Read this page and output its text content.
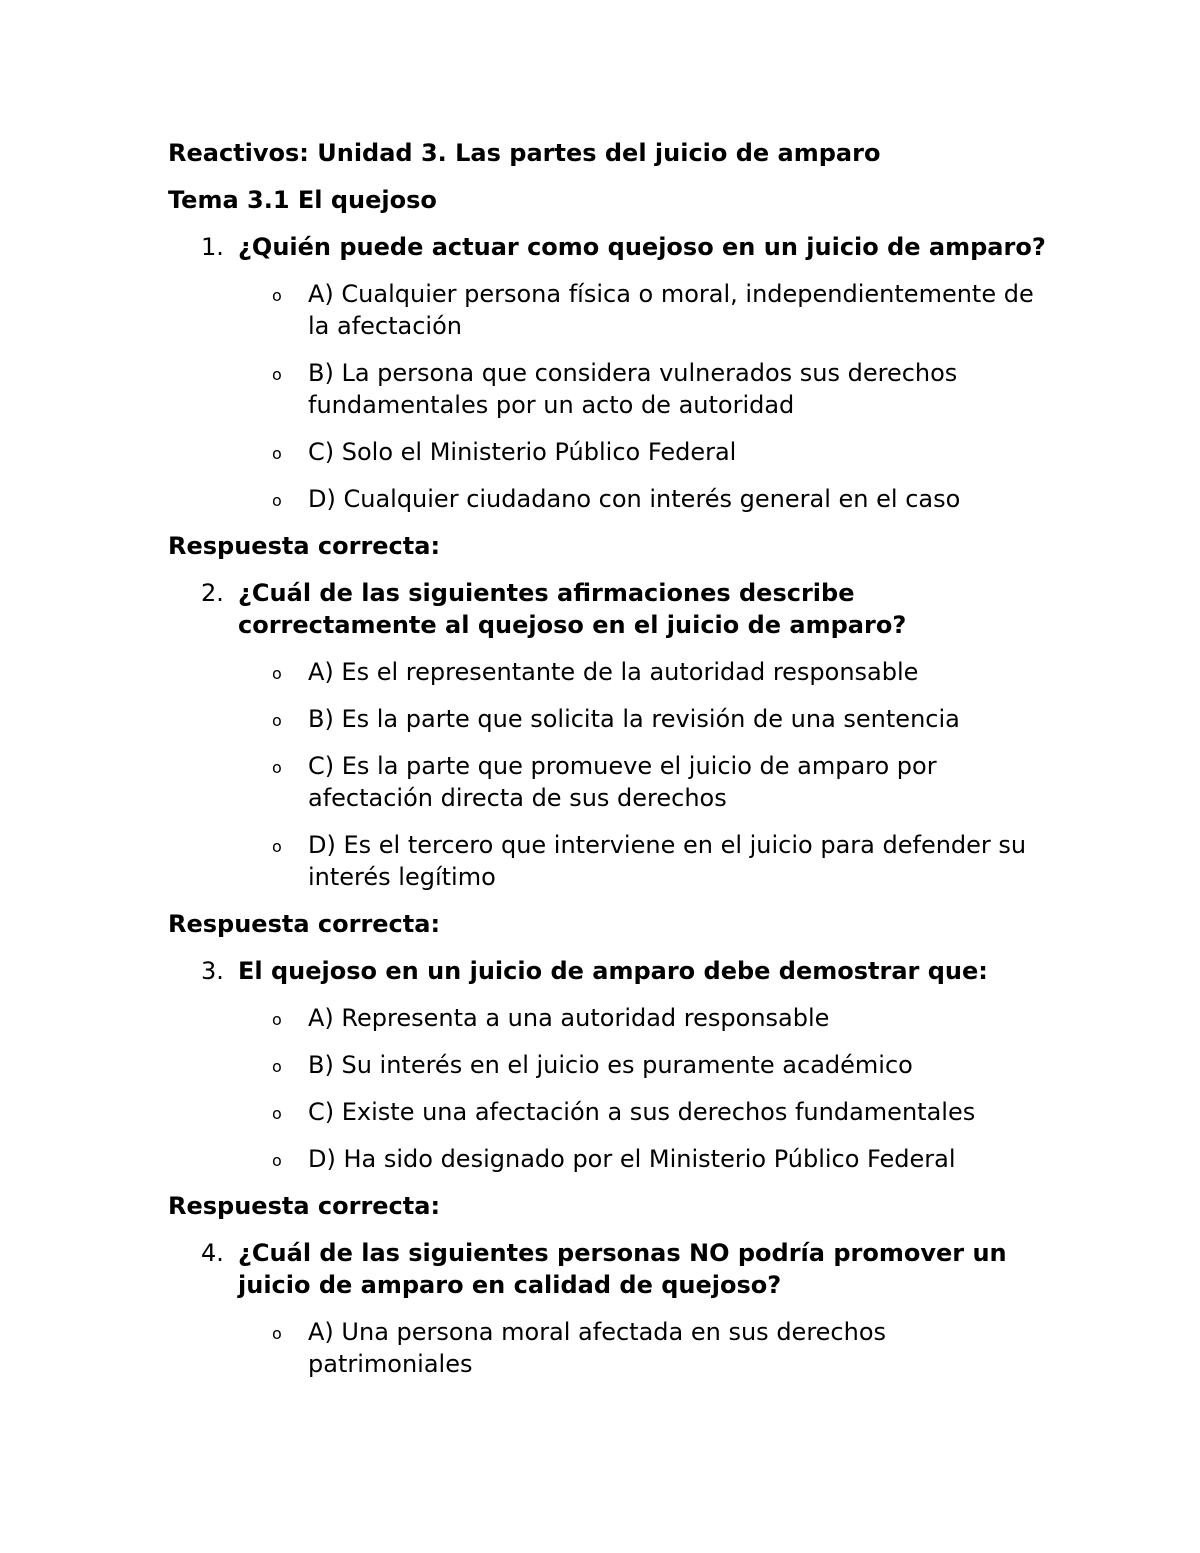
Reactivos: Unidad 3. Las partes del juicio de amparo
Tema 3.1 El quejoso
1. ¿Quién puede actuar como quejoso en un juicio de amparo?
o A) Cualquier persona física o moral, independientemente de la afectación
o B) La persona que considera vulnerados sus derechos fundamentales por un acto de autoridad
o C) Solo el Ministerio Público Federal
o D) Cualquier ciudadano con interés general en el caso
Respuesta correcta:
2. ¿Cuál de las siguientes afirmaciones describe correctamente al quejoso en el juicio de amparo?
o A) Es el representante de la autoridad responsable
o B) Es la parte que solicita la revisión de una sentencia
o C) Es la parte que promueve el juicio de amparo por afectación directa de sus derechos
o D) Es el tercero que interviene en el juicio para defender su interés legítimo
Respuesta correcta:
3. El quejoso en un juicio de amparo debe demostrar que:
o A) Representa a una autoridad responsable
o B) Su interés en el juicio es puramente académico
o C) Existe una afectación a sus derechos fundamentales
o D) Ha sido designado por el Ministerio Público Federal
Respuesta correcta:
4. ¿Cuál de las siguientes personas NO podría promover un juicio de amparo en calidad de quejoso?
o A) Una persona moral afectada en sus derechos patrimoniales
